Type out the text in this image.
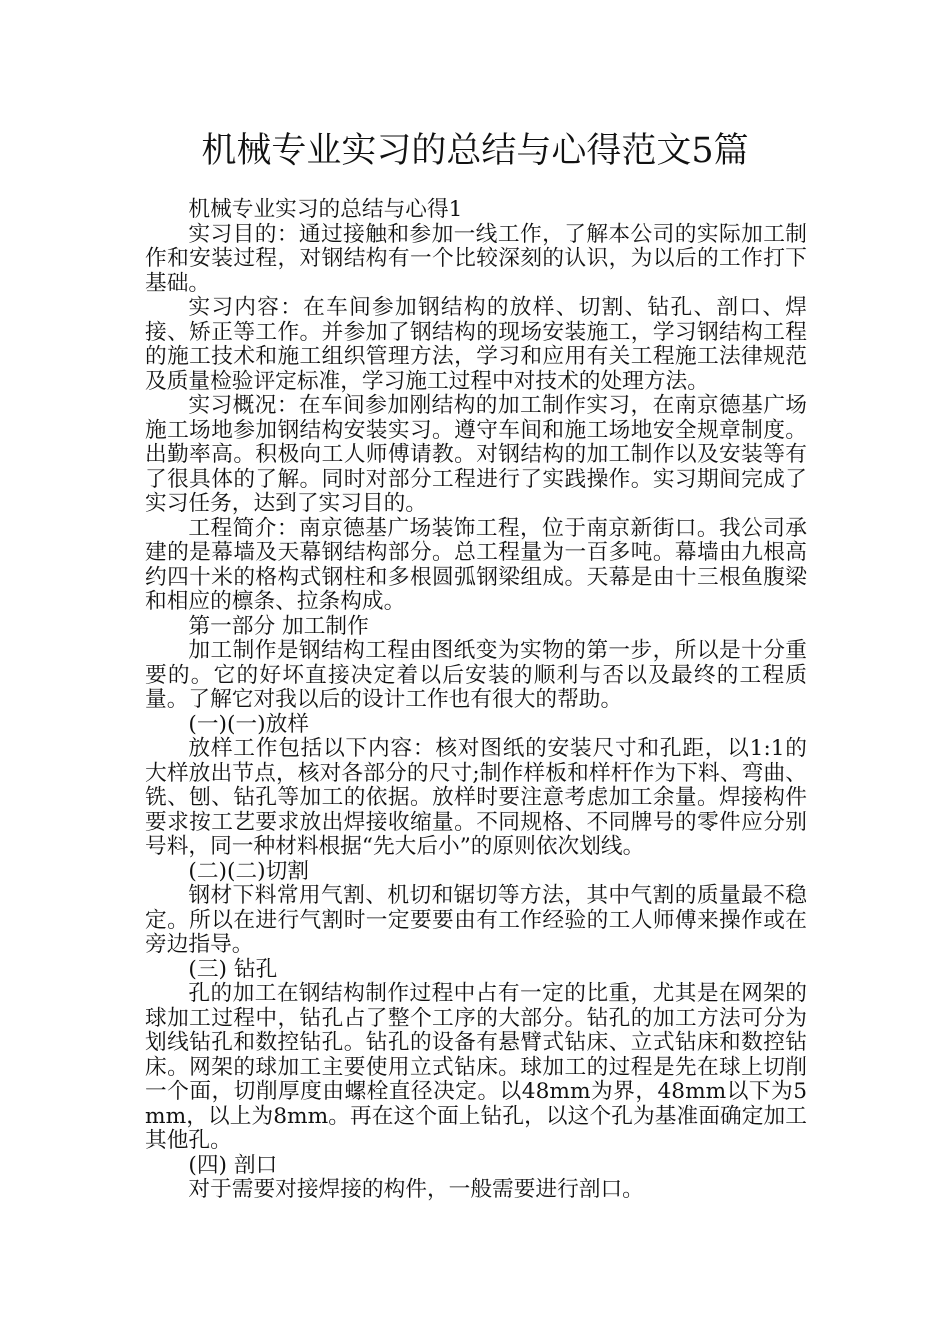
机械专业实习的总结与心得范文5篇

机械专业实习的总结与心得1

实习目的：通过接触和参加一线工作，了解本公司的实际加工制作和安装过程，对钢结构有一个比较深刻的认识，为以后的工作打下基础。

实习内容：在车间参加钢结构的放样、切割、钻孔、剖口、焊接、矫正等工作。并参加了钢结构的现场安装施工，学习钢结构工程的施工技术和施工组织管理方法，学习和应用有关工程施工法律规范及质量检验评定标准，学习施工过程中对技术的处理方法。

实习概况：在车间参加刚结构的加工制作实习，在南京德基广场施工场地参加钢结构安装实习。遵守车间和施工场地安全规章制度。出勤率高。积极向工人师傅请教。对钢结构的加工制作以及安装等有了很具体的了解。同时对部分工程进行了实践操作。实习期间完成了实习任务，达到了实习目的。

工程简介：南京德基广场装饰工程，位于南京新街口。我公司承建的是幕墙及天幕钢结构部分。总工程量为一百多吨。幕墙由九根高约四十米的格构式钢柱和多根圆弧钢梁组成。天幕是由十三根鱼腹梁和相应的檩条、拉条构成。

第一部分 加工制作

加工制作是钢结构工程由图纸变为实物的第一步，所以是十分重要的。它的好坏直接决定着以后安装的顺利与否以及最终的工程质量。了解它对我以后的设计工作也有很大的帮助。

(一)(一)放样

放样工作包括以下内容：核对图纸的安装尺寸和孔距，以1:1的大样放出节点，核对各部分的尺寸;制作样板和样杆作为下料、弯曲、铣、刨、钻孔等加工的依据。放样时要注意考虑加工余量。焊接构件要求按工艺要求放出焊接收缩量。不同规格、不同牌号的零件应分别号料，同一种材料根据“先大后小”的原则依次划线。

(二)(二)切割

钢材下料常用气割、机切和锯切等方法，其中气割的质量最不稳定。所以在进行气割时一定要要由有工作经验的工人师傅来操作或在旁边指导。

(三) 钻孔

孔的加工在钢结构制作过程中占有一定的比重，尤其是在网架的球加工过程中，钻孔占了整个工序的大部分。钻孔的加工方法可分为划线钻孔和数控钻孔。钻孔的设备有悬臂式钻床、立式钻床和数控钻床。网架的球加工主要使用立式钻床。球加工的过程是先在球上切削一个面，切削厚度由螺栓直径决定。以48mm为界，48mm以下为5mm，以上为8mm。再在这个面上钻孔，以这个孔为基准面确定加工其他孔。

(四) 剖口

对于需要对接焊接的构件，一般需要进行剖口。
